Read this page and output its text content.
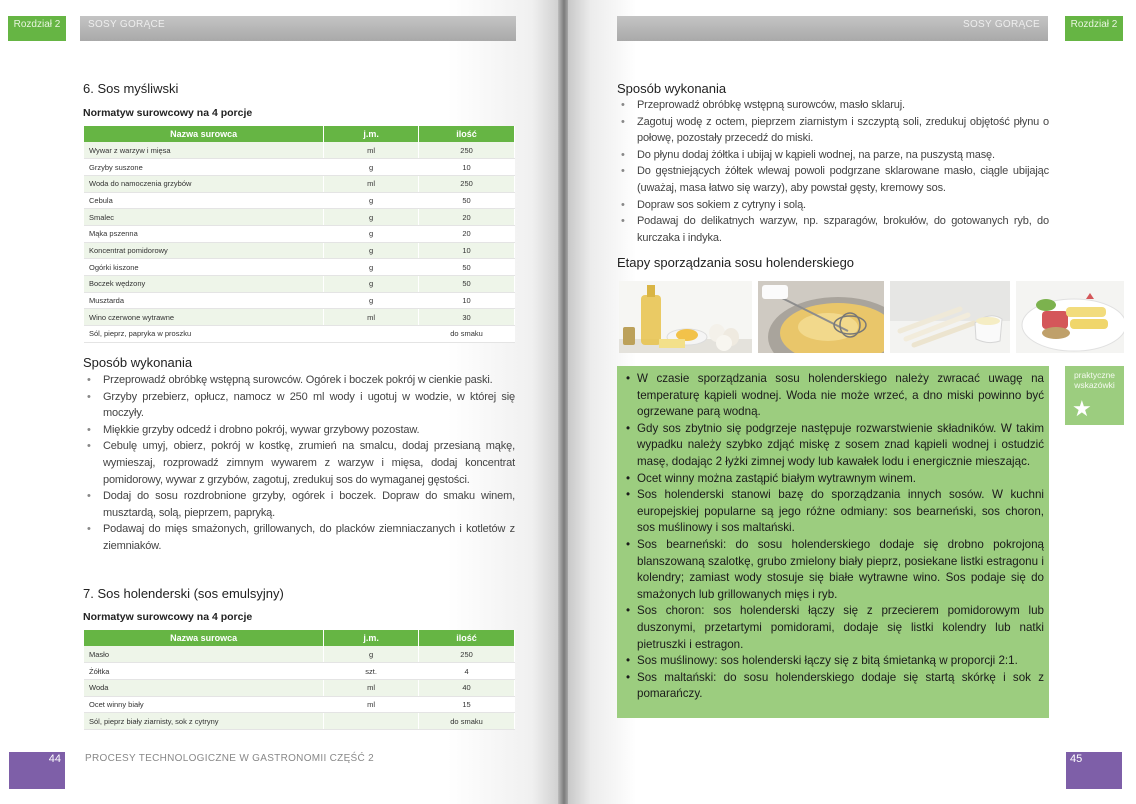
Rozdział 2	SOSY GORĄCE
6. Sos myśliwski
Normatyw surowcowy na 4 porcje
Nazwa surowca	j.m.	ilość
Wywar z warzyw i mięsa	ml	250
Grzyby suszone	g	10
Woda do namoczenia grzybów	ml	250
Cebula	g	50
Smalec	g	20
Mąka pszenna	g	20
Koncentrat pomidorowy	g	10
Ogórki kiszone	g	50
Boczek wędzony	g	50
Musztarda	g	10
Wino czerwone wytrawne	ml	30
Sól, pieprz, papryka w proszku		do smaku
Sposób wykonania
• Przeprowadź obróbkę wstępną surowców. Ogórek i boczek pokrój w cienkie paski.
• Grzyby przebierz, opłucz, namocz w 250 ml wody i ugotuj w wodzie, w której się moczyły.
• Miękkie grzyby odcedź i drobno pokrój, wywar grzybowy pozostaw.
• Cebulę umyj, obierz, pokrój w kostkę, zrumień na smalcu, dodaj przesianą mąkę, wymieszaj, rozprowadź zimnym wywarem z warzyw i mięsa, dodaj koncentrat pomidorowy, wywar z grzybów, zagotuj, zredukuj sos do wymaganej gęstości.
• Dodaj do sosu rozdrobnione grzyby, ogórek i boczek. Dopraw do smaku winem, musztardą, solą, pieprzem, papryką.
• Podawaj do mięs smażonych, grillowanych, do placków ziemniaczanych i kotletów z ziemniaków.
7. Sos holenderski (sos emulsyjny)
Normatyw surowcowy na 4 porcje
Nazwa surowca	j.m.	ilość
Masło	g	250
Żółtka	szt.	4
Woda	ml	40
Ocet winny biały	ml	15
Sól, pieprz biały ziarnisty, sok z cytryny		do smaku
44	PROCESY TECHNOLOGICZNE W GASTRONOMII CZĘŚĆ 2
SOSY GORĄCE	Rozdział 2
Sposób wykonania
• Przeprowadź obróbkę wstępną surowców, masło sklaruj.
• Zagotuj wodę z octem, pieprzem ziarnistym i szczyptą soli, zredukuj objętość płynu o połowę, pozostały przecedź do miski.
• Do płynu dodaj żółtka i ubijaj w kąpieli wodnej, na parze, na puszystą masę.
• Do gęstniejących żółtek wlewaj powoli podgrzane sklarowane masło, ciągle ubijając (uważaj, masa łatwo się warzy), aby powstał gęsty, kremowy sos.
• Dopraw sos sokiem z cytryny i solą.
• Podawaj do delikatnych warzyw, np. szparagów, brokułów, do gotowanych ryb, do kurczaka i indyka.
Etapy sporządzania sosu holenderskiego
• W czasie sporządzania sosu holenderskiego należy zwracać uwagę na temperaturę kąpieli wodnej. Woda nie może wrzeć, a dno miski powinno być ogrzewane parą wodną.
• Gdy sos zbytnio się podgrzeje następuje rozwarstwienie składników. W takim wypadku należy szybko zdjąć miskę z sosem znad kąpieli wodnej i ostudzić masę, dodając 2 łyżki zimnej wody lub kawałek lodu i energicznie mieszając.
• Ocet winny można zastąpić białym wytrawnym winem.
• Sos holenderski stanowi bazę do sporządzania innych sosów. W kuchni europejskiej popularne są jego różne odmiany: sos bearneński, sos choron, sos muślinowy i sos maltański.
• Sos bearneński: do sosu holenderskiego dodaje się drobno pokrojoną blanszowaną szalotkę, grubo zmielony biały pieprz, posiekane listki estragonu i kolendry; zamiast wody stosuje się białe wytrawne wino. Sos podaje się do smażonych lub grillowanych mięs i ryb.
• Sos choron: sos holenderski łączy się z przecierem pomidorowym lub duszonymi, przetartymi pomidorami, dodaje się listki kolendry lub natki pietruszki i estragon.
• Sos muślinowy: sos holenderski łączy się z bitą śmietanką w proporcji 2:1.
• Sos maltański: do sosu holenderskiego dodaje się startą skórkę i sok z pomarańczy.
praktyczne wskazówki
★
45
